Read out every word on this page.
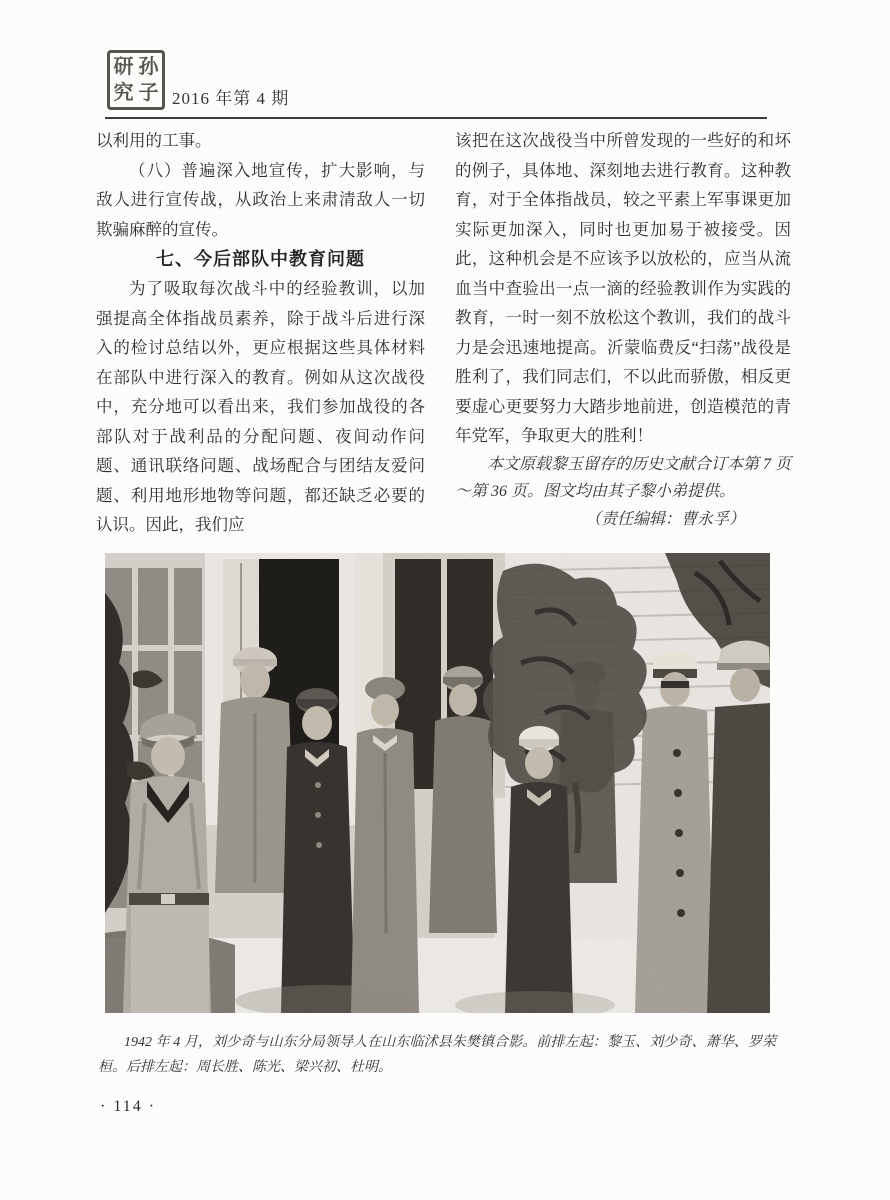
孙
研
子
究 2016 年第 4 期

以利用的工事。

（八）普遍深入地宣传，扩大影响，与敌人进行宣传战，从政治上来肃清敌人一切欺骗麻醉的宣传。

七、今后部队中教育问题

为了吸取每次战斗中的经验教训，以加强提高全体指战员素养，除于战斗后进行深入的检讨总结以外，更应根据这些具体材料在部队中进行深入的教育。例如从这次战役中，充分地可以看出来，我们参加战役的各部队对于战利品的分配问题、夜间动作问题、通讯联络问题、战场配合与团结友爱问题、利用地形地物等问题，都还缺乏必要的认识。因此，我们应

该把在这次战役当中所曾发现的一些好的和坏的例子，具体地、深刻地去进行教育。这种教育，对于全体指战员，较之平素上军事课更加实际更加深入，同时也更加易于被接受。因此，这种机会是不应该予以放松的，应当从流血当中查验出一点一滴的经验教训作为实践的教育，一时一刻不放松这个教训，我们的战斗力是会迅速地提高。沂蒙临费反“扫荡”战役是胜利了，我们同志们，不以此而骄傲，相反更要虚心更要努力大踏步地前进，创造模范的青年党军，争取更大的胜利！

本文原载黎玉留存的历史文献合订本第 7 页～第 36 页。图文均由其子黎小弟提供。

（责任编辑：曹永孚）

1942 年 4 月，刘少奇与山东分局领导人在山东临沭县朱樊镇合影。前排左起：黎玉、刘少奇、萧华、罗荣桓。后排左起：周长胜、陈光、梁兴初、杜明。
· 114 ·
